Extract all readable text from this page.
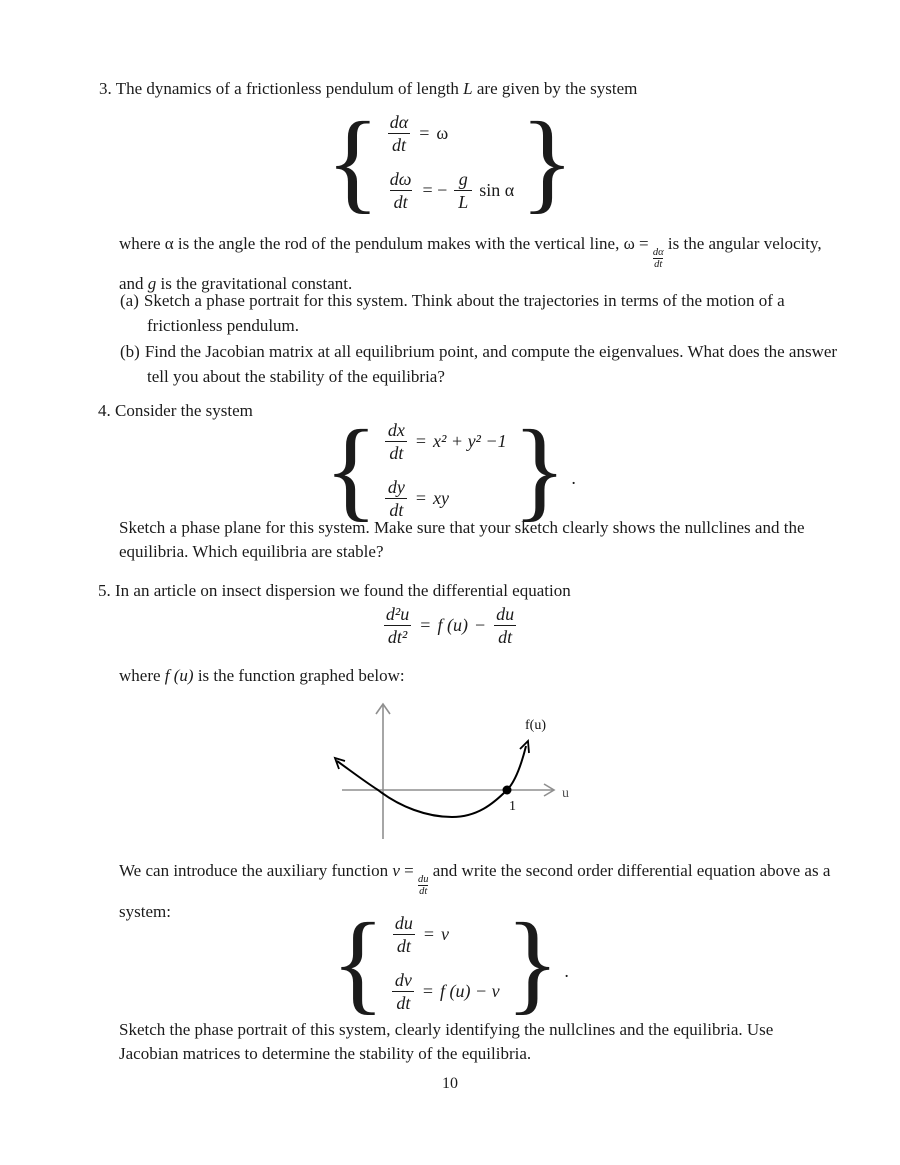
3. The dynamics of a frictionless pendulum of length L are given by the system
{ $\frac{d\alpha}{dt} = \omega$
$\frac{d\omega}{dt}$ = − $\frac{g}{L}$ sin α }
where α is the angle the rod of the pendulum makes with the vertical line, ω =
$\frac{d\alpha}{dt}$
is the angular velocity, and g is the gravitational constant.
(a) Sketch a phase portrait for this system. Think about the trajectories in terms of the motion of a frictionless pendulum.
(b) Find the Jacobian matrix at all equilibrium point, and compute the eigenvalues. What does the answer tell you about the stability of the equilibria?
4. Consider the system { $\frac{dx}{dt} = x^2 + y^2 -1$
$\frac{dy}{dt}$ = xy } .
Sketch a phase plane for this system. Make sure that your sketch clearly shows the nullclines and the equilibria. Which equilibria are stable?
5. In an article on insect dispersion we found the differential equation
$\frac{\text{d²u}}{\text{dt²}} = f$ $(u) - \frac{du}{dt}$
where f (u) is the function graphed below:
f(u)
1
u
We can introduce the auxiliary function v =
$\frac{du}{dt}$
and write the second order differential equation above as a system:	{ $\frac{du}{dt} = v$
$\frac{dv}{dt} = f$ (u) − v } .
Sketch the phase portrait of this system, clearly identifying the nullclines and the equilibria. Use Jacobian matrices to determine the stability of the equilibria.
10
